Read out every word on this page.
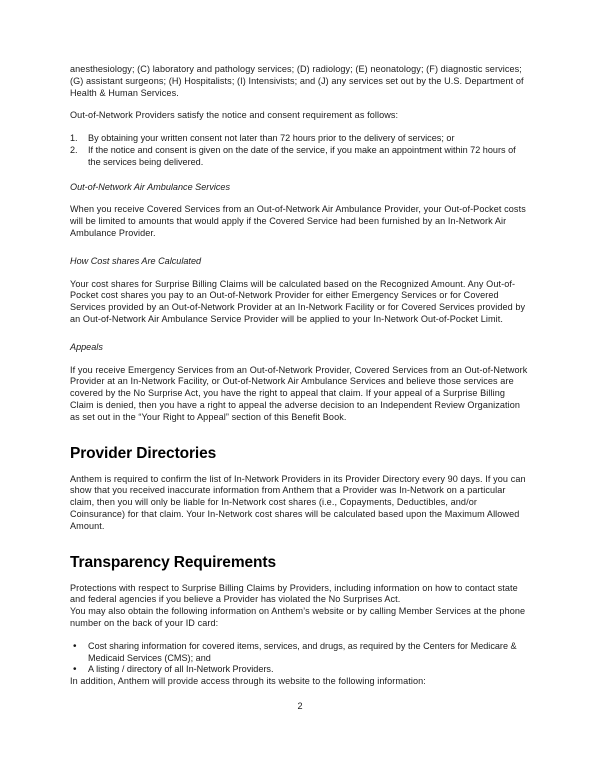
anesthesiology; (C) laboratory and pathology services; (D) radiology; (E) neonatology; (F) diagnostic services; (G) assistant surgeons; (H) Hospitalists; (I) Intensivists; and (J) any services set out by the U.S. Department of Health & Human Services.

Out-of-Network Providers satisfy the notice and consent requirement as follows:

1.	By obtaining your written consent not later than 72 hours prior to the delivery of services; or
2.	If the notice and consent is given on the date of the service, if you make an appointment within 72 hours of the services being delivered.

Out-of-Network Air Ambulance Services

When you receive Covered Services from an Out-of-Network Air Ambulance Provider, your Out-of-Pocket costs will be limited to amounts that would apply if the Covered Service had been furnished by an In-Network Air Ambulance Provider.

How Cost shares Are Calculated

Your cost shares for Surprise Billing Claims will be calculated based on the Recognized Amount. Any Out-of-Pocket cost shares you pay to an Out-of-Network Provider for either Emergency Services or for Covered Services provided by an Out-of-Network Provider at an In-Network Facility or for Covered Services provided by an Out-of-Network Air Ambulance Service Provider will be applied to your In-Network Out-of-Pocket Limit.

Appeals

If you receive Emergency Services from an Out-of-Network Provider, Covered Services from an Out-of-Network Provider at an In-Network Facility, or Out-of-Network Air Ambulance Services and believe those services are covered by the No Surprise Act, you have the right to appeal that claim. If your appeal of a Surprise Billing Claim is denied, then you have a right to appeal the adverse decision to an Independent Review Organization as set out in the “Your Right to Appeal” section of this Benefit Book.

Provider Directories

Anthem is required to confirm the list of In-Network Providers in its Provider Directory every 90 days. If you can show that you received inaccurate information from Anthem that a Provider was In-Network on a particular claim, then you will only be liable for In-Network cost shares (i.e., Copayments, Deductibles, and/or Coinsurance) for that claim. Your In-Network cost shares will be calculated based upon the Maximum Allowed Amount.

Transparency Requirements

Protections with respect to Surprise Billing Claims by Providers, including information on how to contact state and federal agencies if you believe a Provider has violated the No Surprises Act.

You may also obtain the following information on Anthem’s website or by calling Member Services at the phone number on the back of your ID card:

• Cost sharing information for covered items, services, and drugs, as required by the Centers for Medicare & Medicaid Services (CMS); and
• A listing / directory of all In-Network Providers.

In addition, Anthem will provide access through its website to the following information:

2
